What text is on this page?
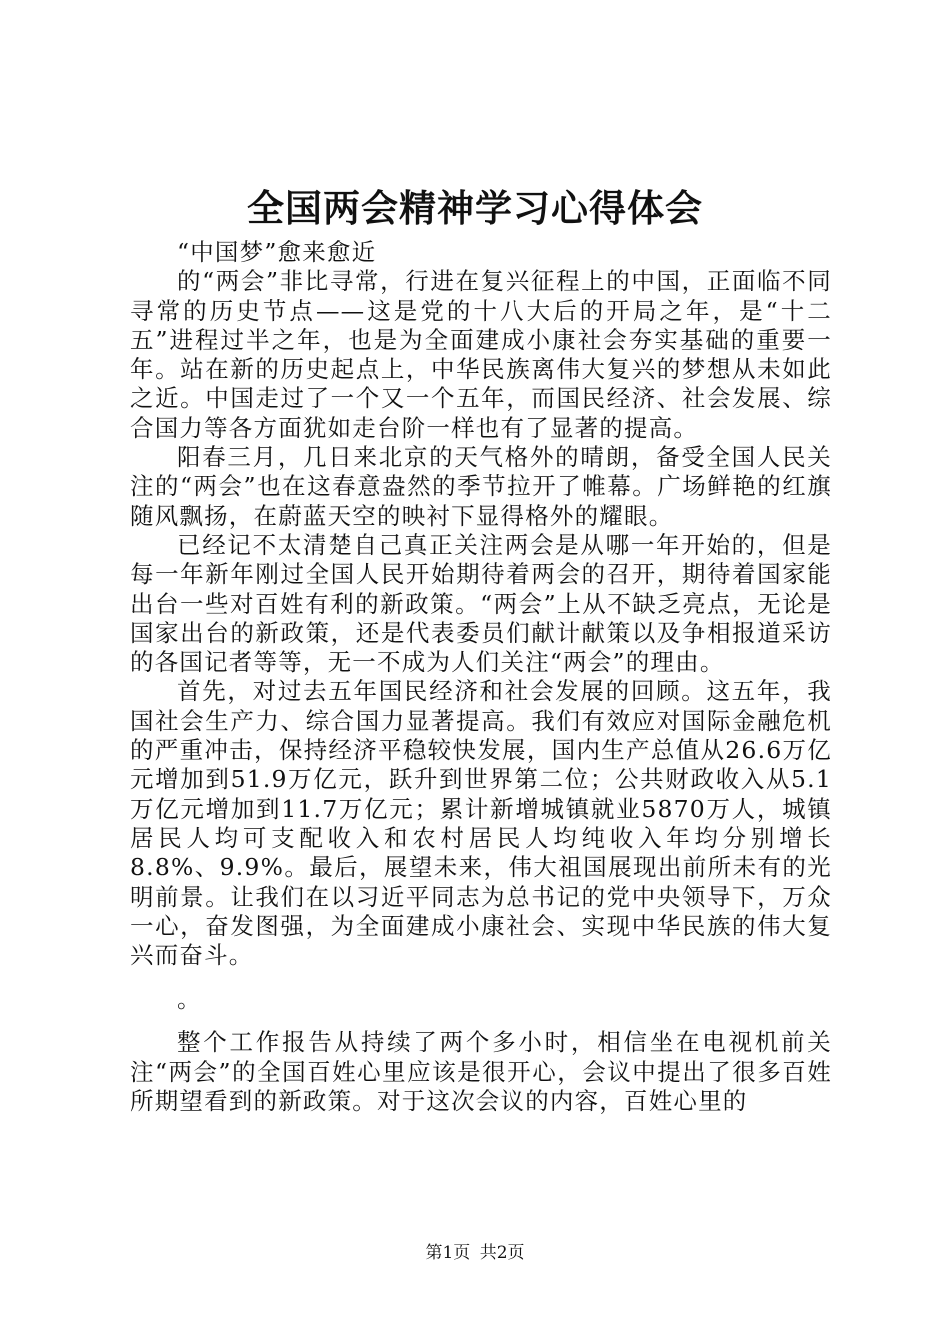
全国两会精神学习心得体会

“中国梦”愈来愈近

的“两会”非比寻常，行进在复兴征程上的中国，正面临不同寻常的历史节点——这是党的十八大后的开局之年，是“十二五”进程过半之年，也是为全面建成小康社会夯实基础的重要一年。站在新的历史起点上，中华民族离伟大复兴的梦想从未如此之近。中国走过了一个又一个五年，而国民经济、社会发展、综合国力等各方面犹如走台阶一样也有了显著的提高。

阳春三月，几日来北京的天气格外的晴朗，备受全国人民关注的“两会”也在这春意盎然的季节拉开了帷幕。广场鲜艳的红旗随风飘扬，在蔚蓝天空的映衬下显得格外的耀眼。

已经记不太清楚自己真正关注两会是从哪一年开始的，但是每一年新年刚过全国人民开始期待着两会的召开，期待着国家能出台一些对百姓有利的新政策。“两会”上从不缺乏亮点，无论是国家出台的新政策，还是代表委员们献计献策以及争相报道采访的各国记者等等，无一不成为人们关注“两会”的理由。

首先，对过去五年国民经济和社会发展的回顾。这五年，我国社会生产力、综合国力显著提高。我们有效应对国际金融危机的严重冲击，保持经济平稳较快发展，国内生产总值从26.6万亿元增加到51.9万亿元，跃升到世界第二位；公共财政收入从5.1万亿元增加到11.7万亿元；累计新增城镇就业5870万人，城镇居民人均可支配收入和农村居民人均纯收入年均分别增长8.8%、9.9%。最后，展望未来，伟大祖国展现出前所未有的光明前景。让我们在以习近平同志为总书记的党中央领导下，万众一心，奋发图强，为全面建成小康社会、实现中华民族的伟大复兴而奋斗。

。

整个工作报告从持续了两个多小时，相信坐在电视机前关注“两会”的全国百姓心里应该是很开心，会议中提出了很多百姓所期望看到的新政策。对于这次会议的内容，百姓心里的

第1页 共2页
